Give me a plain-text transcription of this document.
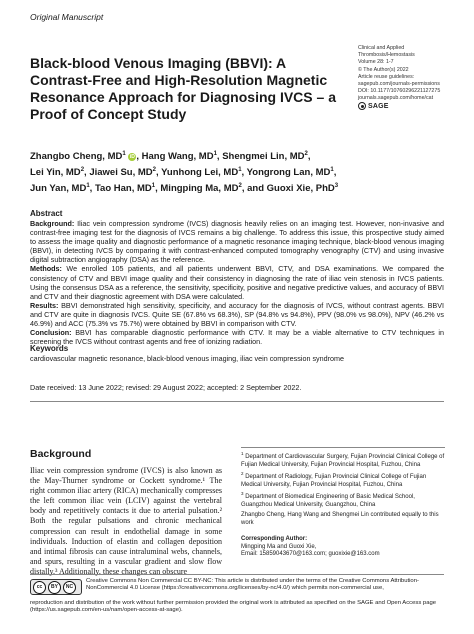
Original Manuscript
Clinical and Applied
Thrombosis/Hemostasis
Volume 28: 1-7
© The Author(s) 2022
Article reuse guidelines:
sagepub.com/journals-permissions
DOI: 10.1177/10760296221127275
journals.sagepub.com/home/cat
SAGE
Black-blood Venous Imaging (BBVI): A Contrast-Free and High-Resolution Magnetic Resonance Approach for Diagnosing IVCS – a Proof of Concept Study
Zhangbo Cheng, $MD^1$ iD , Hang Wang, $MD^1$, Shengmei Lin, $MD^2$,
Lei Yin, $MD^2$, Jiawei Su, $MD^2$, Yunhong Lei, $MD^1$, Yongrong Lan, $MD^1$,
Jun Yan, $MD^1$, Tao Han, $MD^1$, Mingping Ma, $MD^2$, and Guoxi Xie, PhD$^3$
Abstract

Background: Iliac vein compression syndrome (IVCS) diagnosis heavily relies on an imaging test. However, non-invasive and contrast-free imaging test for the diagnosis of IVCS remains a big challenge. To address this issue, this prospective study aimed to assess the image quality and diagnostic performance of a magnetic resonance imaging technique, black-blood venous imaging (BBVI), in detecting IVCS by comparing it with contrast-enhanced computed tomography venography (CTV) and using invasive digital subtraction angiography (DSA) as the reference.
Methods: We enrolled 105 patients, and all patients underwent BBVI, CTV, and DSA examinations. We compared the consistency of CTV and BBVI image quality and their consistency in diagnosing the rate of iliac vein stenosis in IVCS patients. Using the consensus DSA as a reference, the sensitivity, specificity, positive and negative predictive values, and accuracy of BBVI and CTV and their diagnostic agreement with DSA were calculated.
Results: BBVI demonstrated high sensitivity, specificity, and accuracy for the diagnosis of IVCS, without contrast agents. BBVI and CTV are quite in diagnosis IVCS. Quite SE (67.8% vs 68.3%), SP (94.8% vs 94.8%), PPV (98.0% vs 98.0%), NPV (46.2% vs 46.9%) and ACC (75.3% vs 75.7%) were obtained by BBVI in comparison with CTV.
Conclusion: BBVI has comparable diagnostic performance with CTV. It may be a viable alternative to CTV techniques in screening the IVCS without contrast agents and free of ionizing radiation.

Keywords
cardiovascular magnetic resonance, black-blood venous imaging, iliac vein compression syndrome
Date received: 13 June 2022; revised: 29 August 2022; accepted: 2 September 2022.
Background

Iliac vein compression syndrome (IVCS) is also known as the May-Thurner syndrome or Cockett syndrome.¹ The right common iliac artery (RICA) mechanically compresses the left common iliac vein (LCIV) against the vertebral body and repetitively contacts it due to arterial pulsation.² Both the regular pulsations and chronic mechanical compression can result in endothelial damage in some individuals. Induction of elastin and collagen deposition and intimal fibrosis can cause intraluminal webs, channels, and spurs, resulting in a vascular gradient and slow flow distally.³ Additionally, these changes can obscure

$^1$ Department of Cardiovascular Surgery, Fujian Provincial Clinical College of Fujian Medical University, Fujian Provincial Hospital, Fuzhou, China
$^2$ Department of Radiology, Fujian Provincial Clinical College of Fujian Medical University, Fujian Provincial Hospital, Fuzhou, China
$^3$ Department of Biomedical Engineering of Basic Medical School, Guangzhou Medical University, Guangzhou, China
Zhangbo Cheng, Hang Wang and Shengmei Lin contributed equally to this work
Corresponding Author:
Mingping Ma and Guoxi Xie,
Email: 15859043670@163.com; guoxixie@163.com
cc	BY	NC
Creative Commons Non Commercial CC BY-NC: This article is distributed under the terms of the Creative Commons Attribution-NonCommercial 4.0 License (https://creativecommons.org/licenses/by-nc/4.0/) which permits non-commercial use,
reproduction and distribution of the work without further permission provided the original work is attributed as specified on the SAGE and Open Access page (https://us.sagepub.com/en-us/nam/open-access-at-sage).
